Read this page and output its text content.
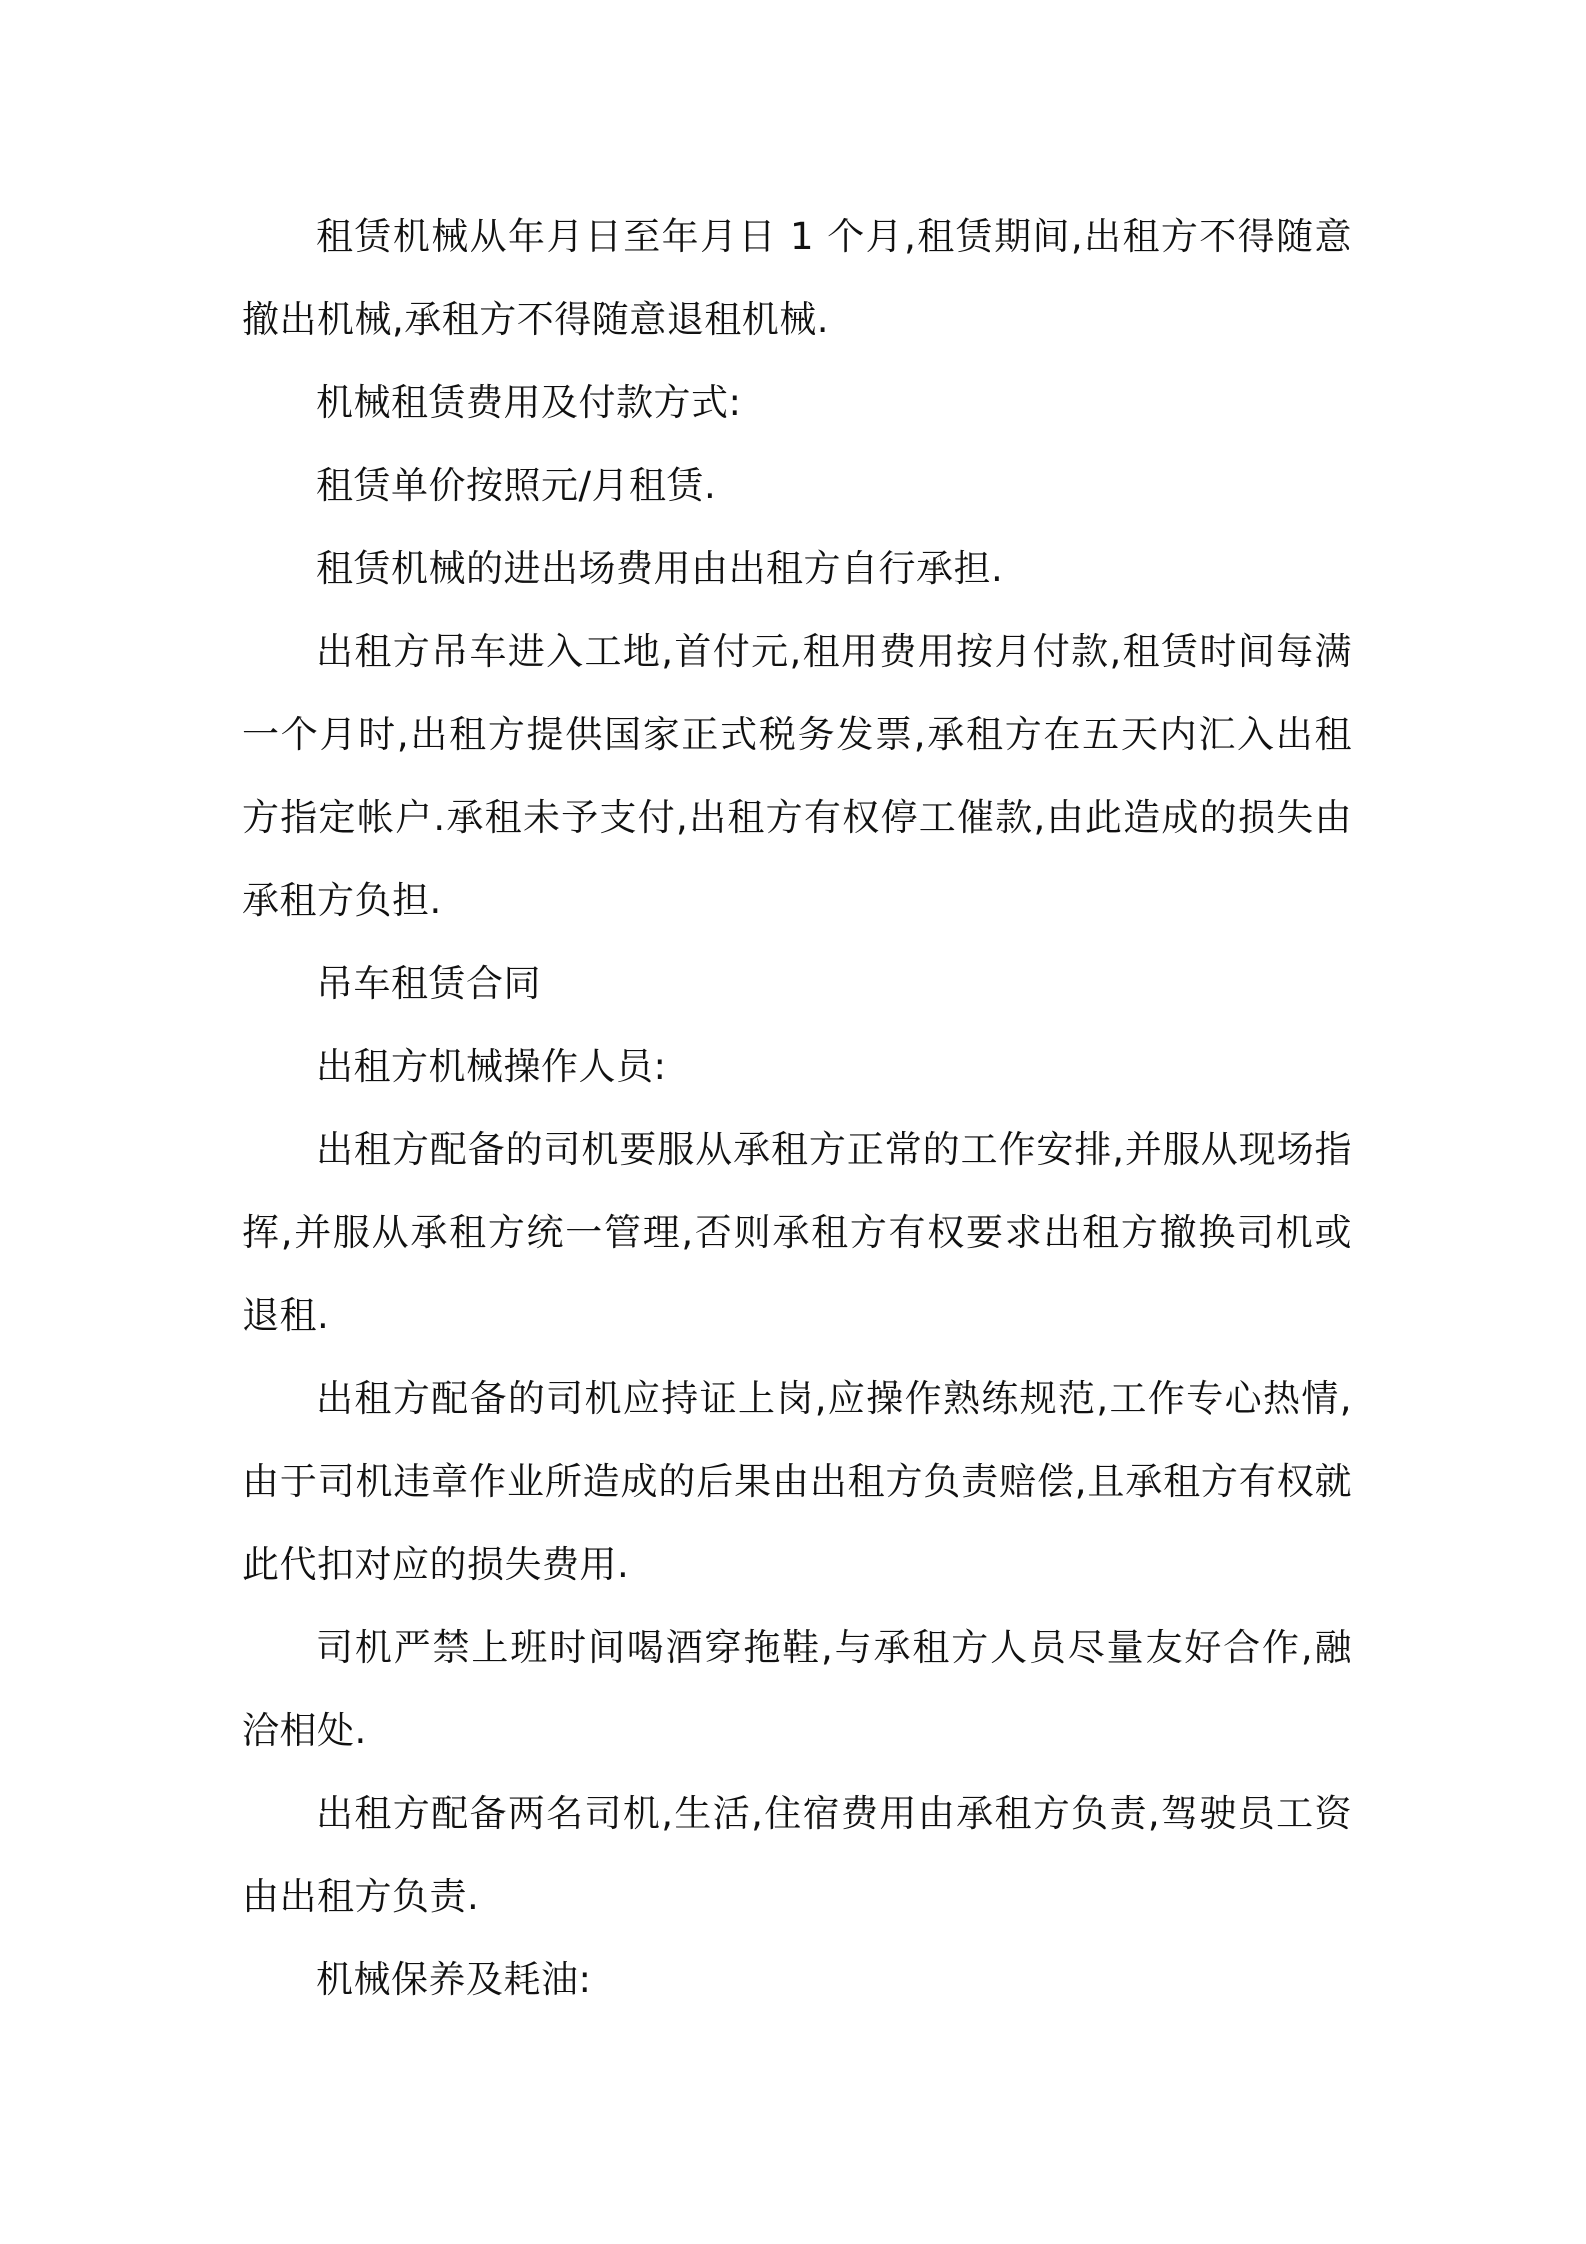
租赁机械从年月日至年月日 1 个月,租赁期间,出租方不得随意撤出机械,承租方不得随意退租机械.

机械租赁费用及付款方式:

租赁单价按照元/月租赁.

租赁机械的进出场费用由出租方自行承担.

出租方吊车进入工地,首付元,租用费用按月付款,租赁时间每满一个月时,出租方提供国家正式税务发票,承租方在五天内汇入出租方指定帐户.承租未予支付,出租方有权停工催款,由此造成的损失由承租方负担.

吊车租赁合同

出租方机械操作人员:

出租方配备的司机要服从承租方正常的工作安排,并服从现场指挥,并服从承租方统一管理,否则承租方有权要求出租方撤换司机或退租.

出租方配备的司机应持证上岗,应操作熟练规范,工作专心热情,由于司机违章作业所造成的后果由出租方负责赔偿,且承租方有权就此代扣对应的损失费用.

司机严禁上班时间喝酒穿拖鞋,与承租方人员尽量友好合作,融洽相处.

出租方配备两名司机,生活,住宿费用由承租方负责,驾驶员工资由出租方负责.

机械保养及耗油:
